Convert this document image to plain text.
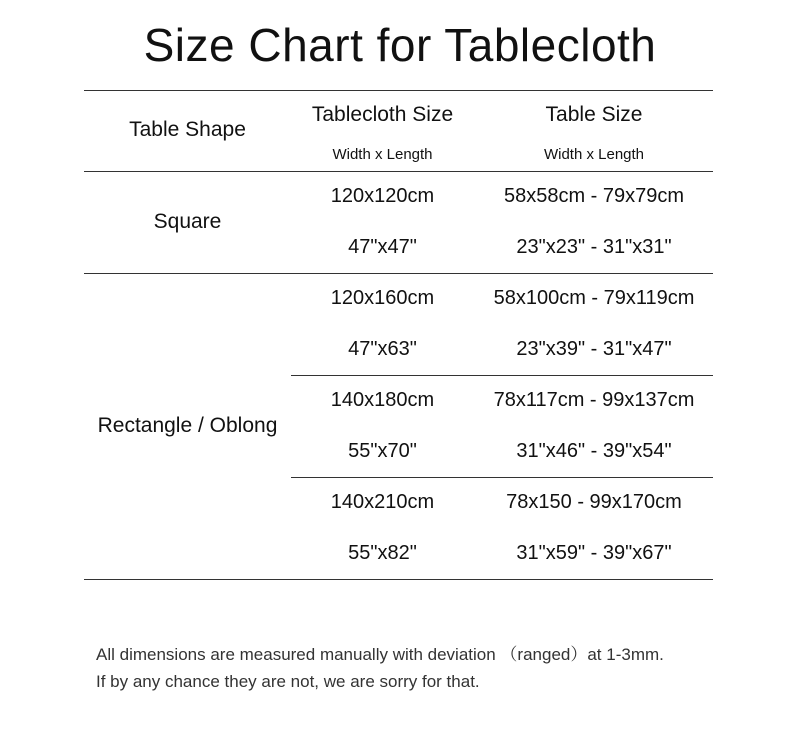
Size Chart for Tablecloth
Table Shape
Tablecloth Size	Table Size
Width x Length	Width x Length
Square
120x120cm
47"x47"
58x58cm - 79x79cm
23"x23" - 31"x31"
Rectangle / Oblong
120x160cm
47"x63"
58x100cm - 79x119cm
23"x39" - 31"x47"
140x180cm
55"x70"
78x117cm - 99x137cm
31"x46" - 39"x54"
140x210cm
55"x82"
78x150 - 99x170cm
31"x59" - 39"x67"
All dimensions are measured manually with deviation （ranged）at 1-3mm.
If by any chance they are not, we are sorry for that.
